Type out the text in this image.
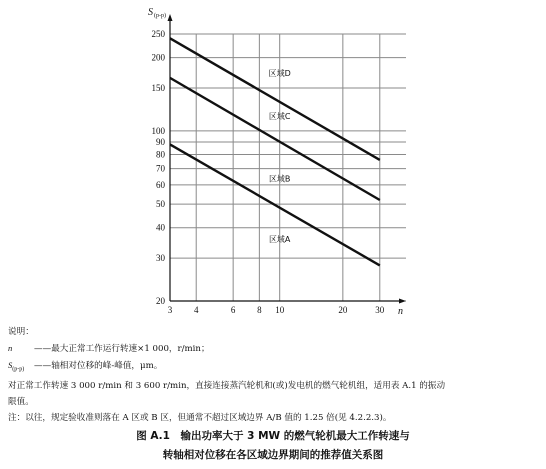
3 4	6 8 10	20	30
20
30
40
50
60
70
80
90
100
150
200
250
区域D
区域C
区域B
区域A
$S_{(p-p)}$
n
说明：
n	——最大正常工作运行转速×1 000，r/min；
$S_{(p-p)}$ ——轴相对位移的峰-峰值，μm。
对正常工作转速 3 000 r/min 和 3 600 r/min，直接连接蒸汽轮机和(或)发电机的燃气轮机组，适用表 A.1 的振动
限值。
注：以往，规定验收准则落在 A 区或 B 区，但通常不超过区域边界 A/B 值的 1.25 倍(见 4.2.2.3)。
图 A.1　输出功率大于 3 MW 的燃气轮机最大工作转速与
转轴相对位移在各区域边界期间的推荐值关系图
